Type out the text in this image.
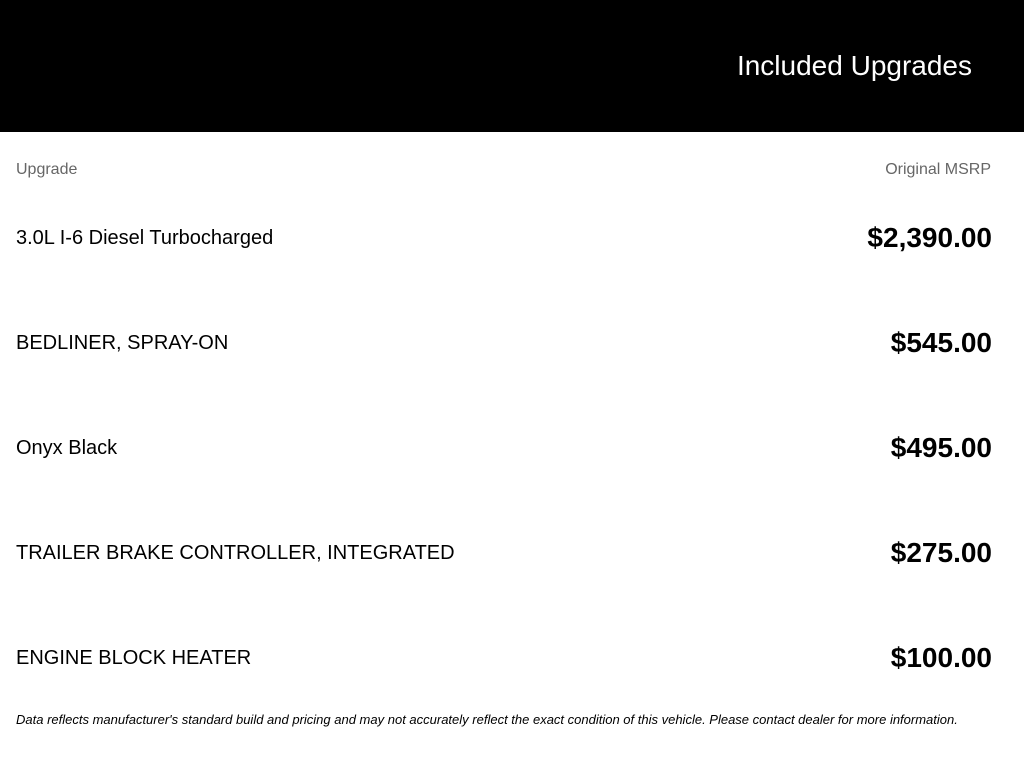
Included Upgrades
Upgrade	Original MSRP
3.0L I-6 Diesel Turbocharged	$2,390.00
BEDLINER, SPRAY-ON	$545.00
Onyx Black	$495.00
TRAILER BRAKE CONTROLLER, INTEGRATED	$275.00
ENGINE BLOCK HEATER	$100.00
Data reflects manufacturer's standard build and pricing and may not accurately reflect the exact condition of this vehicle. Please contact dealer for more information.
